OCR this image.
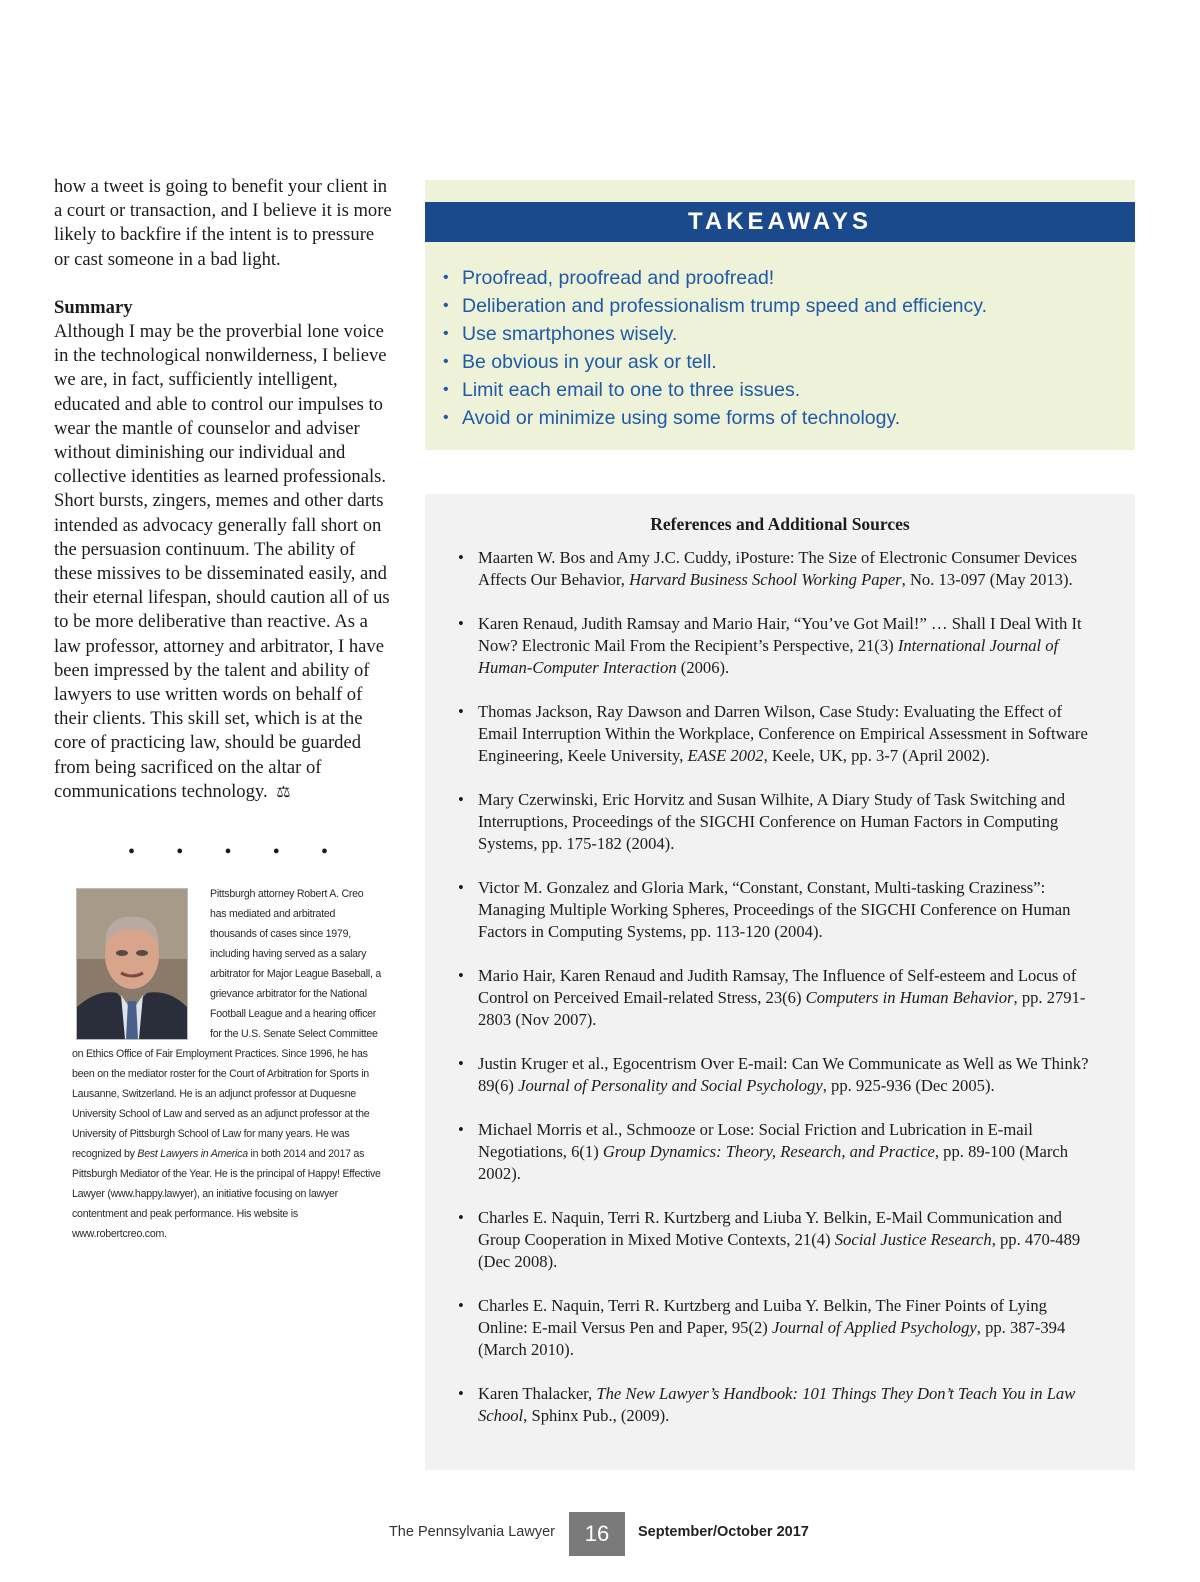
how a tweet is going to benefit your client in a court or transaction, and I believe it is more likely to backfire if the intent is to pressure or cast someone in a bad light.

Summary
Although I may be the proverbial lone voice in the technological nonwilderness, I believe we are, in fact, sufficiently intelligent, educated and able to control our impulses to wear the mantle of counselor and adviser without diminishing our individual and collective identities as learned professionals. Short bursts, zingers, memes and other darts intended as advocacy generally fall short on the persuasion continuum. The ability of these missives to be disseminated easily, and their eternal lifespan, should caution all of us to be more deliberative than reactive. As a law professor, attorney and arbitrator, I have been impressed by the talent and ability of lawyers to use written words on behalf of their clients. This skill set, which is at the core of practicing law, should be guarded from being sacrificed on the altar of communications technology. ⚖

• • • • •

Pittsburgh attorney Robert A. Creo has mediated and arbitrated thousands of cases since 1979, including having served as a salary arbitrator for Major League Baseball, a grievance arbitrator for the National Football League and a hearing officer for the U.S. Senate Select Committee on Ethics Office of Fair Employment Practices. Since 1996, he has been on the mediator roster for the Court of Arbitration for Sports in Lausanne, Switzerland. He is an adjunct professor at Duquesne University School of Law and served as an adjunct professor at the University of Pittsburgh School of Law for many years. He was recognized by Best Lawyers in America in both 2014 and 2017 as Pittsburgh Mediator of the Year. He is the principal of Happy! Effective Lawyer (www.happy.lawyer), an initiative focusing on lawyer contentment and peak performance. His website is www.robertcreo.com.

TAKEAWAYS
• Proofread, proofread and proofread!
• Deliberation and professionalism trump speed and efficiency.
• Use smartphones wisely.
• Be obvious in your ask or tell.
• Limit each email to one to three issues.
• Avoid or minimize using some forms of technology.
References and Additional Sources
• Maarten W. Bos and Amy J.C. Cuddy, iPosture: The Size of Electronic Consumer Devices Affects Our Behavior, Harvard Business School Working Paper, No. 13-097 (May 2013).
• Karen Renaud, Judith Ramsay and Mario Hair, “You’ve Got Mail!” … Shall I Deal With It Now? Electronic Mail From the Recipient’s Perspective, 21(3) International Journal of Human-Computer Interaction (2006).
• Thomas Jackson, Ray Dawson and Darren Wilson, Case Study: Evaluating the Effect of Email Interruption Within the Workplace, Conference on Empirical Assessment in Software Engineering, Keele University, EASE 2002, Keele, UK, pp. 3-7 (April 2002).
• Mary Czerwinski, Eric Horvitz and Susan Wilhite, A Diary Study of Task Switching and Interruptions, Proceedings of the SIGCHI Conference on Human Factors in Computing Systems, pp. 175-182 (2004).
• Victor M. Gonzalez and Gloria Mark, “Constant, Constant, Multi-tasking Craziness”: Managing Multiple Working Spheres, Proceedings of the SIGCHI Conference on Human Factors in Computing Systems, pp. 113-120 (2004).
• Mario Hair, Karen Renaud and Judith Ramsay, The Influence of Self-esteem and Locus of Control on Perceived Email-related Stress, 23(6) Computers in Human Behavior, pp. 2791-2803 (Nov 2007).
• Justin Kruger et al., Egocentrism Over E-mail: Can We Communicate as Well as We Think? 89(6) Journal of Personality and Social Psychology, pp. 925-936 (Dec 2005).
• Michael Morris et al., Schmooze or Lose: Social Friction and Lubrication in E-mail Negotiations, 6(1) Group Dynamics: Theory, Research, and Practice, pp. 89-100 (March 2002).
• Charles E. Naquin, Terri R. Kurtzberg and Liuba Y. Belkin, E-Mail Communication and Group Cooperation in Mixed Motive Contexts, 21(4) Social Justice Research, pp. 470-489 (Dec 2008).
• Charles E. Naquin, Terri R. Kurtzberg and Luiba Y. Belkin, The Finer Points of Lying Online: E-mail Versus Pen and Paper, 95(2) Journal of Applied Psychology, pp. 387-394 (March 2010).
• Karen Thalacker, The New Lawyer’s Handbook: 101 Things They Don’t Teach You in Law School, Sphinx Pub., (2009).
The Pennsylvania Lawyer	16	September/October 2017
